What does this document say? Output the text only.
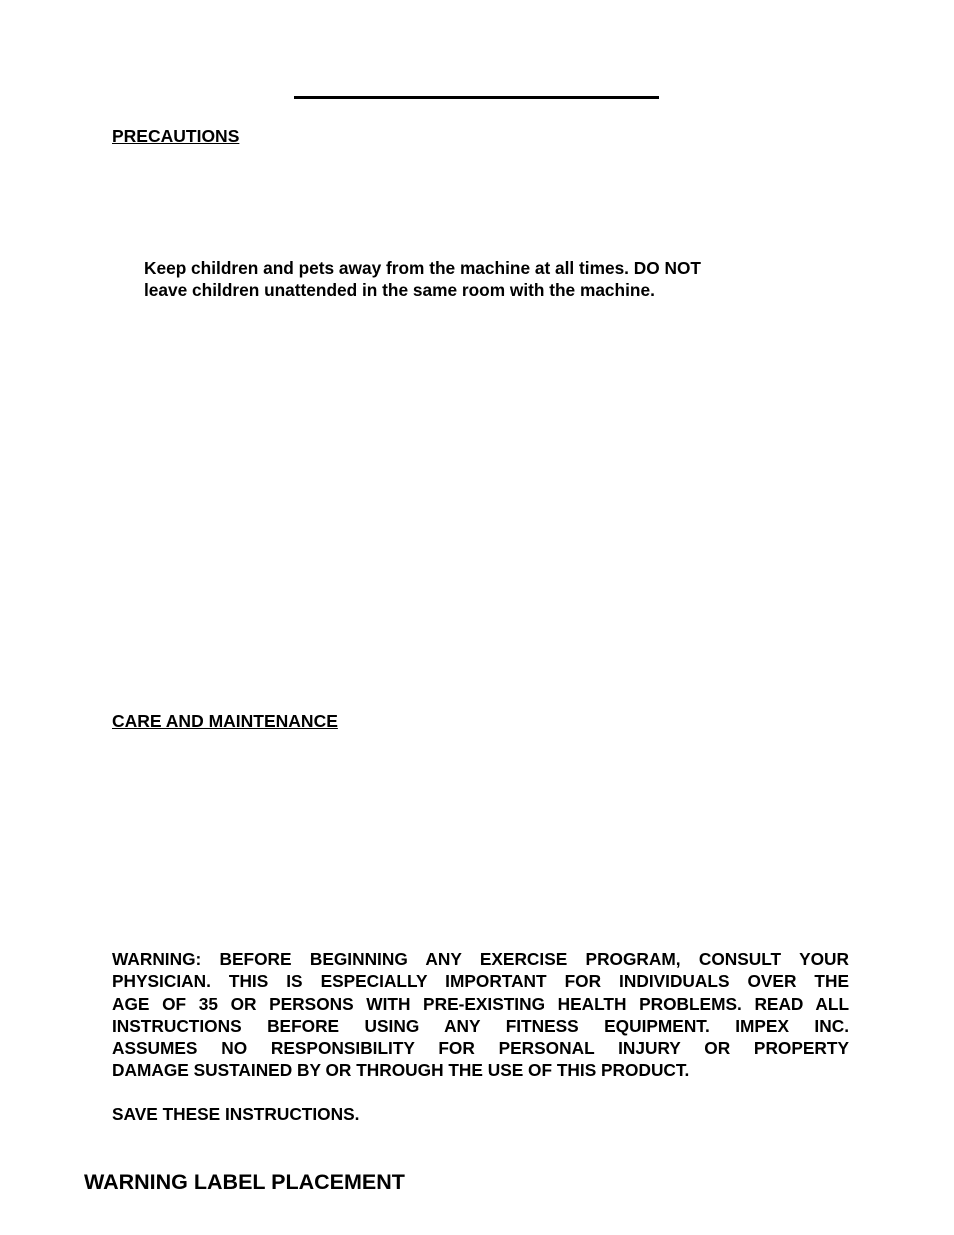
PRECAUTIONS
Keep children and pets away from the machine at all times. DO NOT
leave children unattended in the same room with the machine.
CARE AND MAINTENANCE
WARNING: BEFORE BEGINNING ANY EXERCISE PROGRAM, CONSULT YOUR
PHYSICIAN. THIS IS ESPECIALLY IMPORTANT FOR INDIVIDUALS OVER THE
AGE OF 35 OR PERSONS WITH PRE-EXISTING HEALTH PROBLEMS. READ ALL
INSTRUCTIONS BEFORE USING ANY FITNESS EQUIPMENT. IMPEX INC.
ASSUMES NO RESPONSIBILITY FOR PERSONAL INJURY OR PROPERTY
DAMAGE SUSTAINED BY OR THROUGH THE USE OF THIS PRODUCT.
SAVE THESE INSTRUCTIONS.
WARNING LABEL PLACEMENT
